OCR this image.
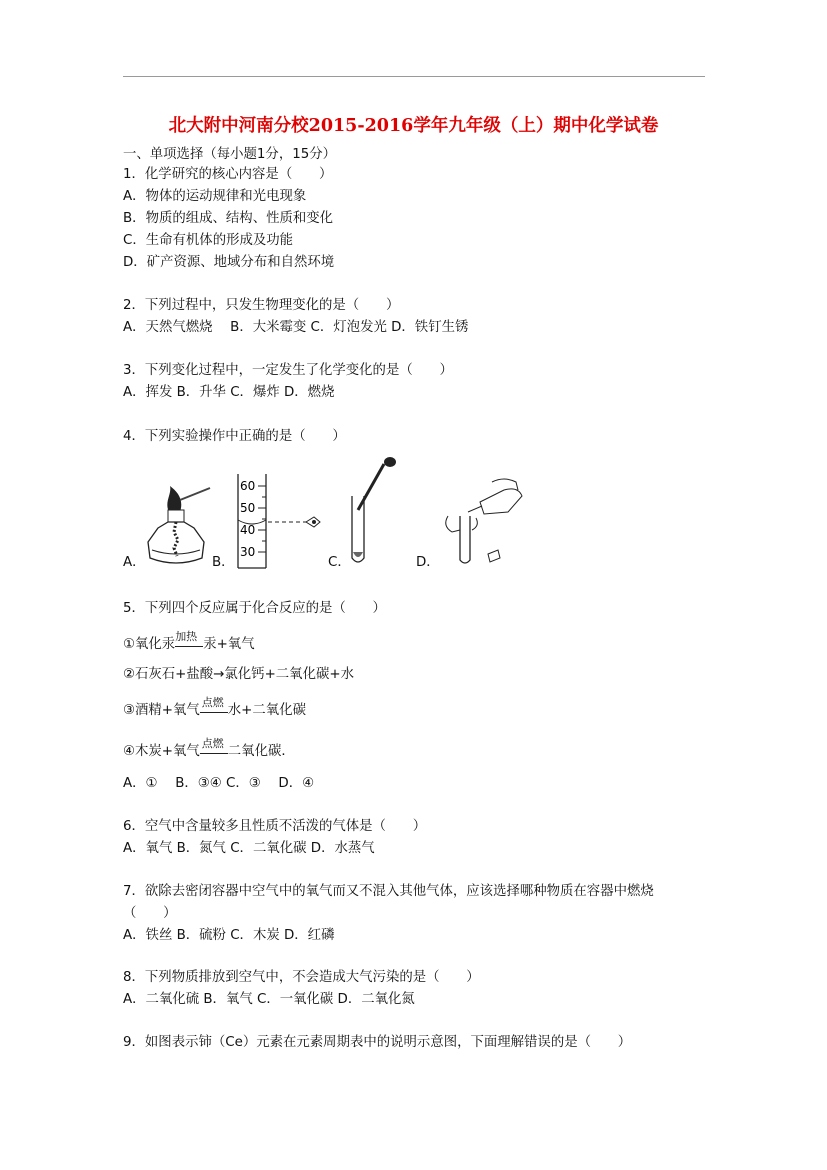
北大附中河南分校2015-2016学年九年级（上）期中化学试卷
一、单项选择（每小题1分，15分）
1．化学研究的核心内容是（　　）
A．物体的运动规律和光电现象
B．物质的组成、结构、性质和变化
C．生命有机体的形成及功能
D．矿产资源、地域分布和自然环境
2．下列过程中，只发生物理变化的是（　　）
A．天然气燃烧　 B．大米霉变 C．灯泡发光 D．铁钉生锈
3．下列变化过程中，一定发生了化学变化的是（　　）
A．挥发 B．升华 C．爆炸 D．燃烧
4．下列实验操作中正确的是（　　）
A．	B．
60
50
40
30
C．	D．
5．下列四个反应属于化合反应的是（　　）
①氧化汞
加热
汞+氧气
②石灰石+盐酸→氯化钙+二氧化碳+水
③酒精+氧气
点燃
水+二氧化碳
④木炭+氧气
点燃
二氧化碳．
A．①　 B．③④ C．③　 D．④
6．空气中含量较多且性质不活泼的气体是（　　）
A．氧气 B．氮气 C．二氧化碳 D．水蒸气
7．欲除去密闭容器中空气中的氧气而又不混入其他气体，应该选择哪种物质在容器中燃烧
（　　）
A．铁丝 B．硫粉 C．木炭 D．红磷
8．下列物质排放到空气中，不会造成大气污染的是（　　）
A．二氧化硫 B．氧气 C．一氧化碳 D．二氧化氮
9．如图表示铈（Ce）元素在元素周期表中的说明示意图，下面理解错误的是（　　）
